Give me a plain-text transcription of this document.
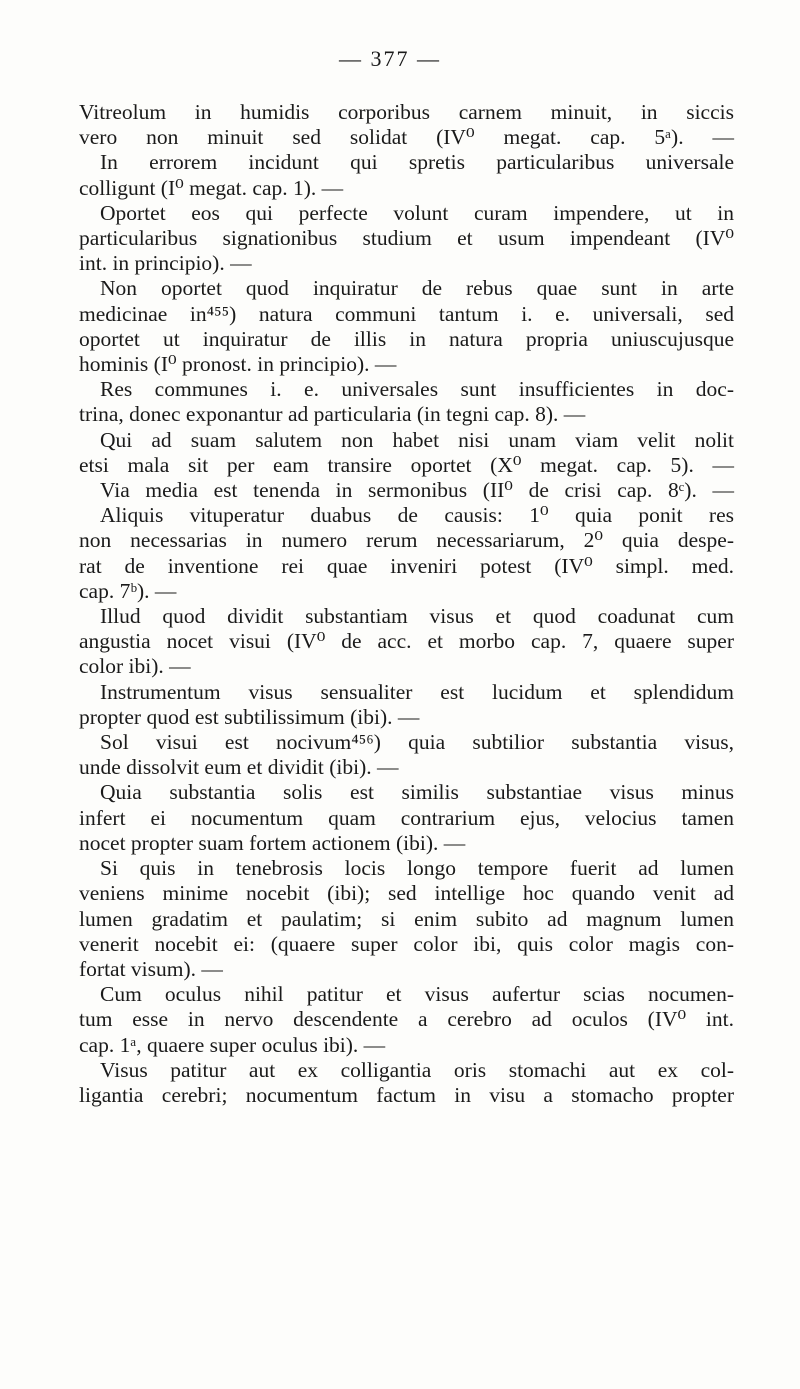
— 377 —
Vitreolum in humidis corporibus carnem minuit, in siccis
vero non minuit sed solidat (IV⁰ megat. cap. 5ᵃ). —
In errorem incidunt qui spretis particularibus universale
colligunt (I⁰ megat. cap. 1). —
Oportet eos qui perfecte volunt curam impendere, ut in
particularibus signationibus studium et usum impendeant (IV⁰
int. in principio). —
Non oportet quod inquiratur de rebus quae sunt in arte
medicinae in⁴⁵⁵) natura communi tantum i. e. universali, sed
oportet ut inquiratur de illis in natura propria uniuscujusque
hominis (I⁰ pronost. in principio). —
Res communes i. e. universales sunt insufficientes in doc-
trina, donec exponantur ad particularia (in tegni cap. 8). —
Qui ad suam salutem non habet nisi unam viam velit nolit
etsi mala sit per eam transire oportet (X⁰ megat. cap. 5). —
Via media est tenenda in sermonibus (II⁰ de crisi cap. 8ᶜ). —
Aliquis vituperatur duabus de causis: 1⁰ quia ponit res
non necessarias in numero rerum necessariarum, 2⁰ quia despe-
rat de inventione rei quae inveniri potest (IV⁰ simpl. med.
cap. 7ᵇ). —
Illud quod dividit substantiam visus et quod coadunat cum
angustia nocet visui (IV⁰ de acc. et morbo cap. 7, quaere super
color ibi). —
Instrumentum visus sensualiter est lucidum et splendidum
propter quod est subtilissimum (ibi). —
Sol visui est nocivum⁴⁵⁶) quia subtilior substantia visus,
unde dissolvit eum et dividit (ibi). —
Quia substantia solis est similis substantiae visus minus
infert ei nocumentum quam contrarium ejus, velocius tamen
nocet propter suam fortem actionem (ibi). —
Si quis in tenebrosis locis longo tempore fuerit ad lumen
veniens minime nocebit (ibi); sed intellige hoc quando venit ad
lumen gradatim et paulatim; si enim subito ad magnum lumen
venerit nocebit ei: (quaere super color ibi, quis color magis con-
fortat visum). —
Cum oculus nihil patitur et visus aufertur scias nocumen-
tum esse in nervo descendente a cerebro ad oculos (IV⁰ int.
cap. 1ᵃ, quaere super oculus ibi). —
Visus patitur aut ex colligantia oris stomachi aut ex col-
ligantia cerebri; nocumentum factum in visu a stomacho propter
